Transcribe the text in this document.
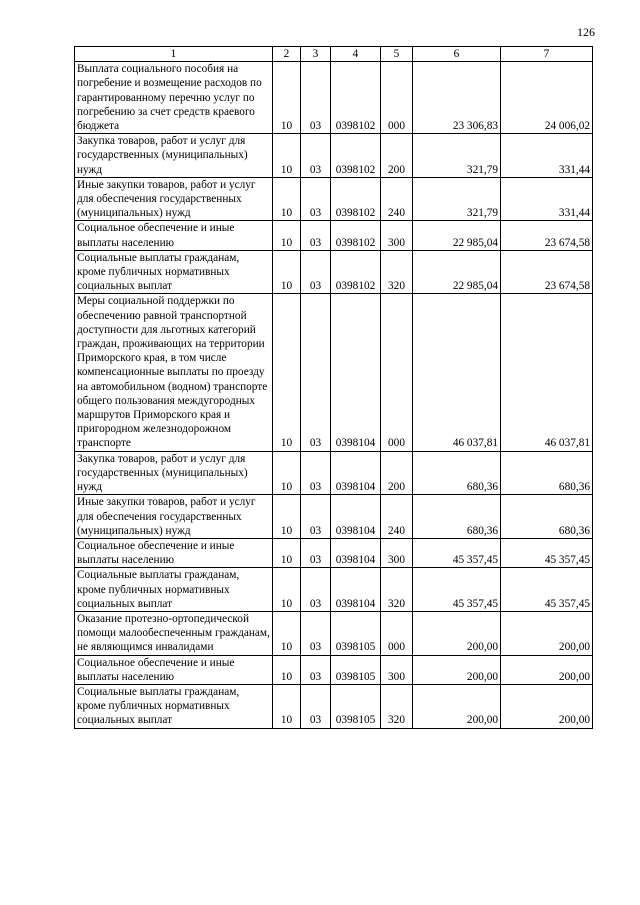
126
1	2	3	4	5	6	7
Выплата социального пособия на погребение и возмещение расходов по гарантированному перечню услуг по погребению за счет средств краевого бюджета	10	03	0398102	000	23 306,83	24 006,02
Закупка товаров, работ и услуг для государственных (муниципальных) нужд	10	03	0398102	200	321,79	331,44
Иные закупки товаров, работ и услуг для обеспечения государственных (муниципальных) нужд	10	03	0398102	240	321,79	331,44
Социальное обеспечение и иные выплаты населению	10	03	0398102	300	22 985,04	23 674,58
Социальные выплаты гражданам, кроме публичных нормативных социальных выплат	10	03	0398102	320	22 985,04	23 674,58
Меры социальной поддержки по обеспечению равной транспортной доступности для льготных категорий граждан, проживающих на территории Приморского края, в том числе компенсационные выплаты по проезду на автомобильном (водном) транспорте общего пользования междугородных маршрутов Приморского края и пригородном железнодорожном транспорте	10	03	0398104	000	46 037,81	46 037,81
Закупка товаров, работ и услуг для государственных (муниципальных) нужд	10	03	0398104	200	680,36	680,36
Иные закупки товаров, работ и услуг для обеспечения государственных (муниципальных) нужд	10	03	0398104	240	680,36	680,36
Социальное обеспечение и иные выплаты населению	10	03	0398104	300	45 357,45	45 357,45
Социальные выплаты гражданам, кроме публичных нормативных социальных выплат	10	03	0398104	320	45 357,45	45 357,45
Оказание протезно-ортопедической помощи малообеспеченным гражданам, не являющимся инвалидами	10	03	0398105	000	200,00	200,00
Социальное обеспечение и иные выплаты населению	10	03	0398105	300	200,00	200,00
Социальные выплаты гражданам, кроме публичных нормативных социальных выплат	10	03	0398105	320	200,00	200,00
